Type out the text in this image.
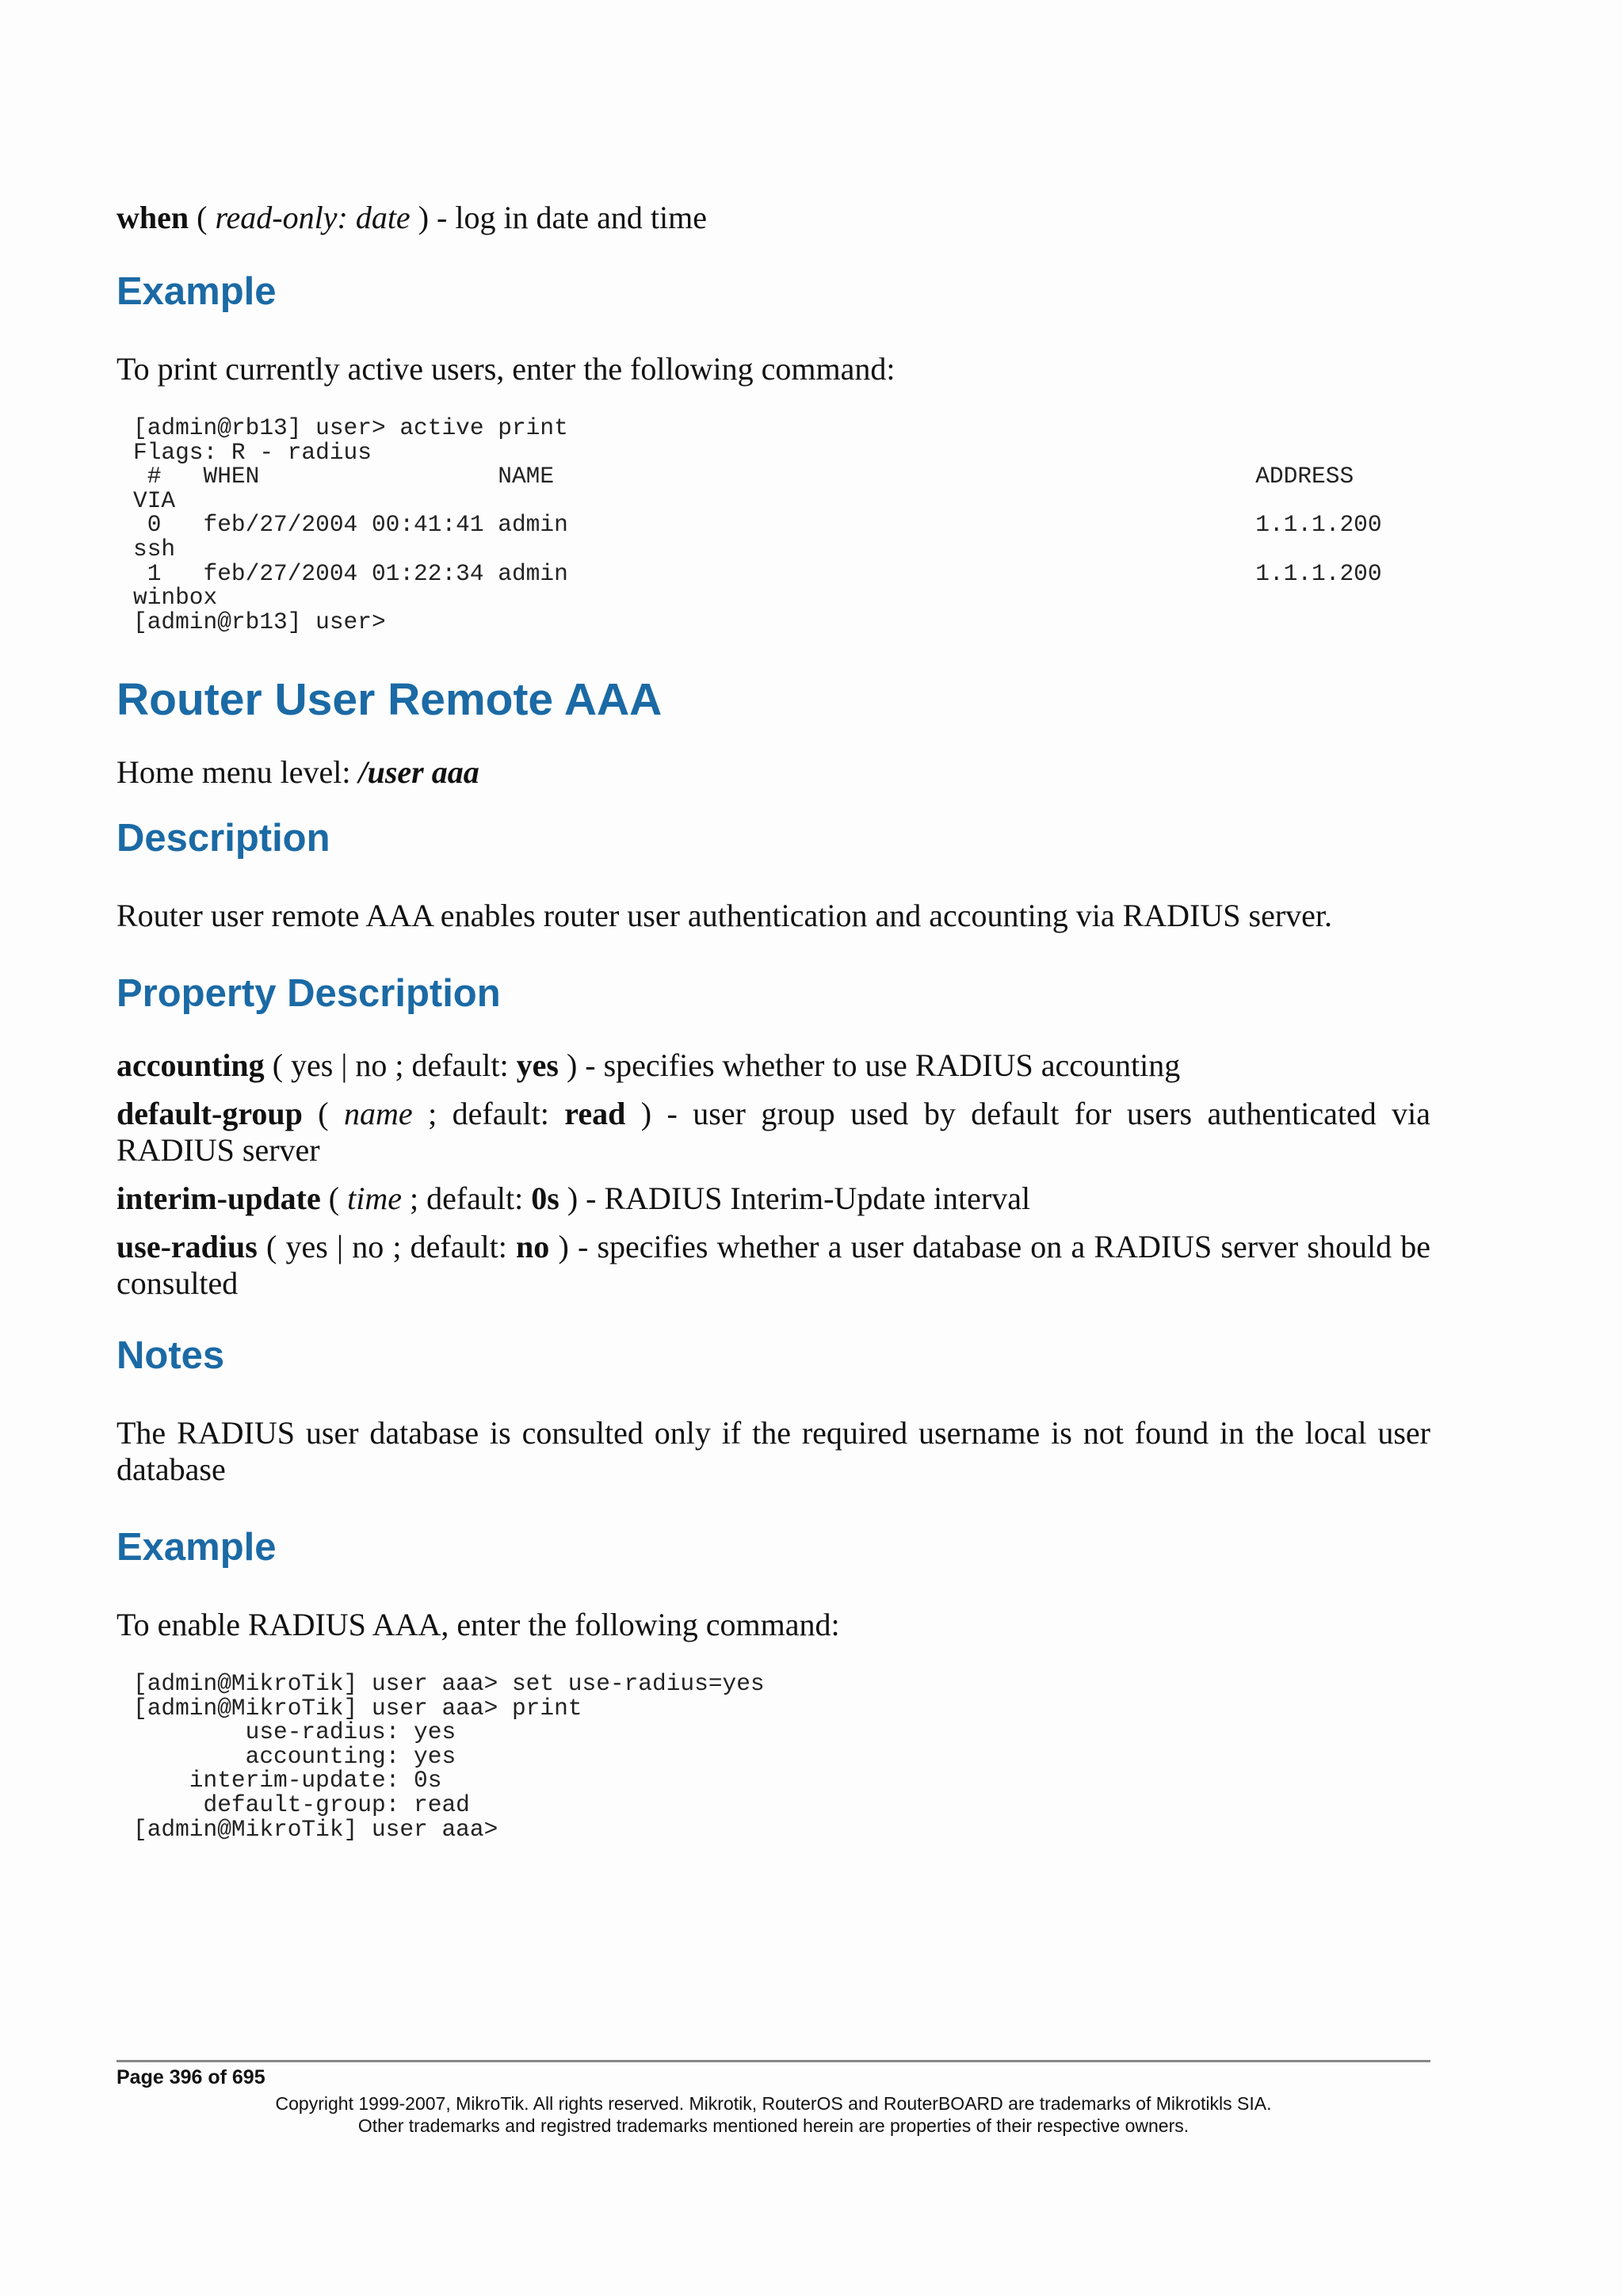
when ( read-only: date ) - log in date and time

Example

To print currently active users, enter the following command:

[admin@rb13] user> active print
Flags: R - radius
#   WHEN                 NAME                                                  ADDRESS
VIA
0   feb/27/2004 00:41:41 admin                                                 1.1.1.200
ssh
1   feb/27/2004 01:22:34 admin                                                 1.1.1.200
winbox
[admin@rb13] user>
Router User Remote AAA

Home menu level: /user aaa

Description

Router user remote AAA enables router user authentication and accounting via RADIUS server.

Property Description

accounting ( yes | no ; default: yes ) - specifies whether to use RADIUS accounting

default-group ( name ; default: read ) - user group used by default for users authenticated via RADIUS server

interim-update ( time ; default: 0s ) - RADIUS Interim-Update interval

use-radius ( yes | no ; default: no ) - specifies whether a user database on a RADIUS server should be consulted

Notes

The RADIUS user database is consulted only if the required username is not found in the local user database

Example

To enable RADIUS AAA, enter the following command:

[admin@MikroTik] user aaa> set use-radius=yes
[admin@MikroTik] user aaa> print
use-radius: yes
accounting: yes
interim-update: 0s
default-group: read
[admin@MikroTik] user aaa>
Page 396 of 695
Copyright 1999-2007, MikroTik. All rights reserved. Mikrotik, RouterOS and RouterBOARD are trademarks of Mikrotikls SIA.
Other trademarks and registred trademarks mentioned herein are properties of their respective owners.
